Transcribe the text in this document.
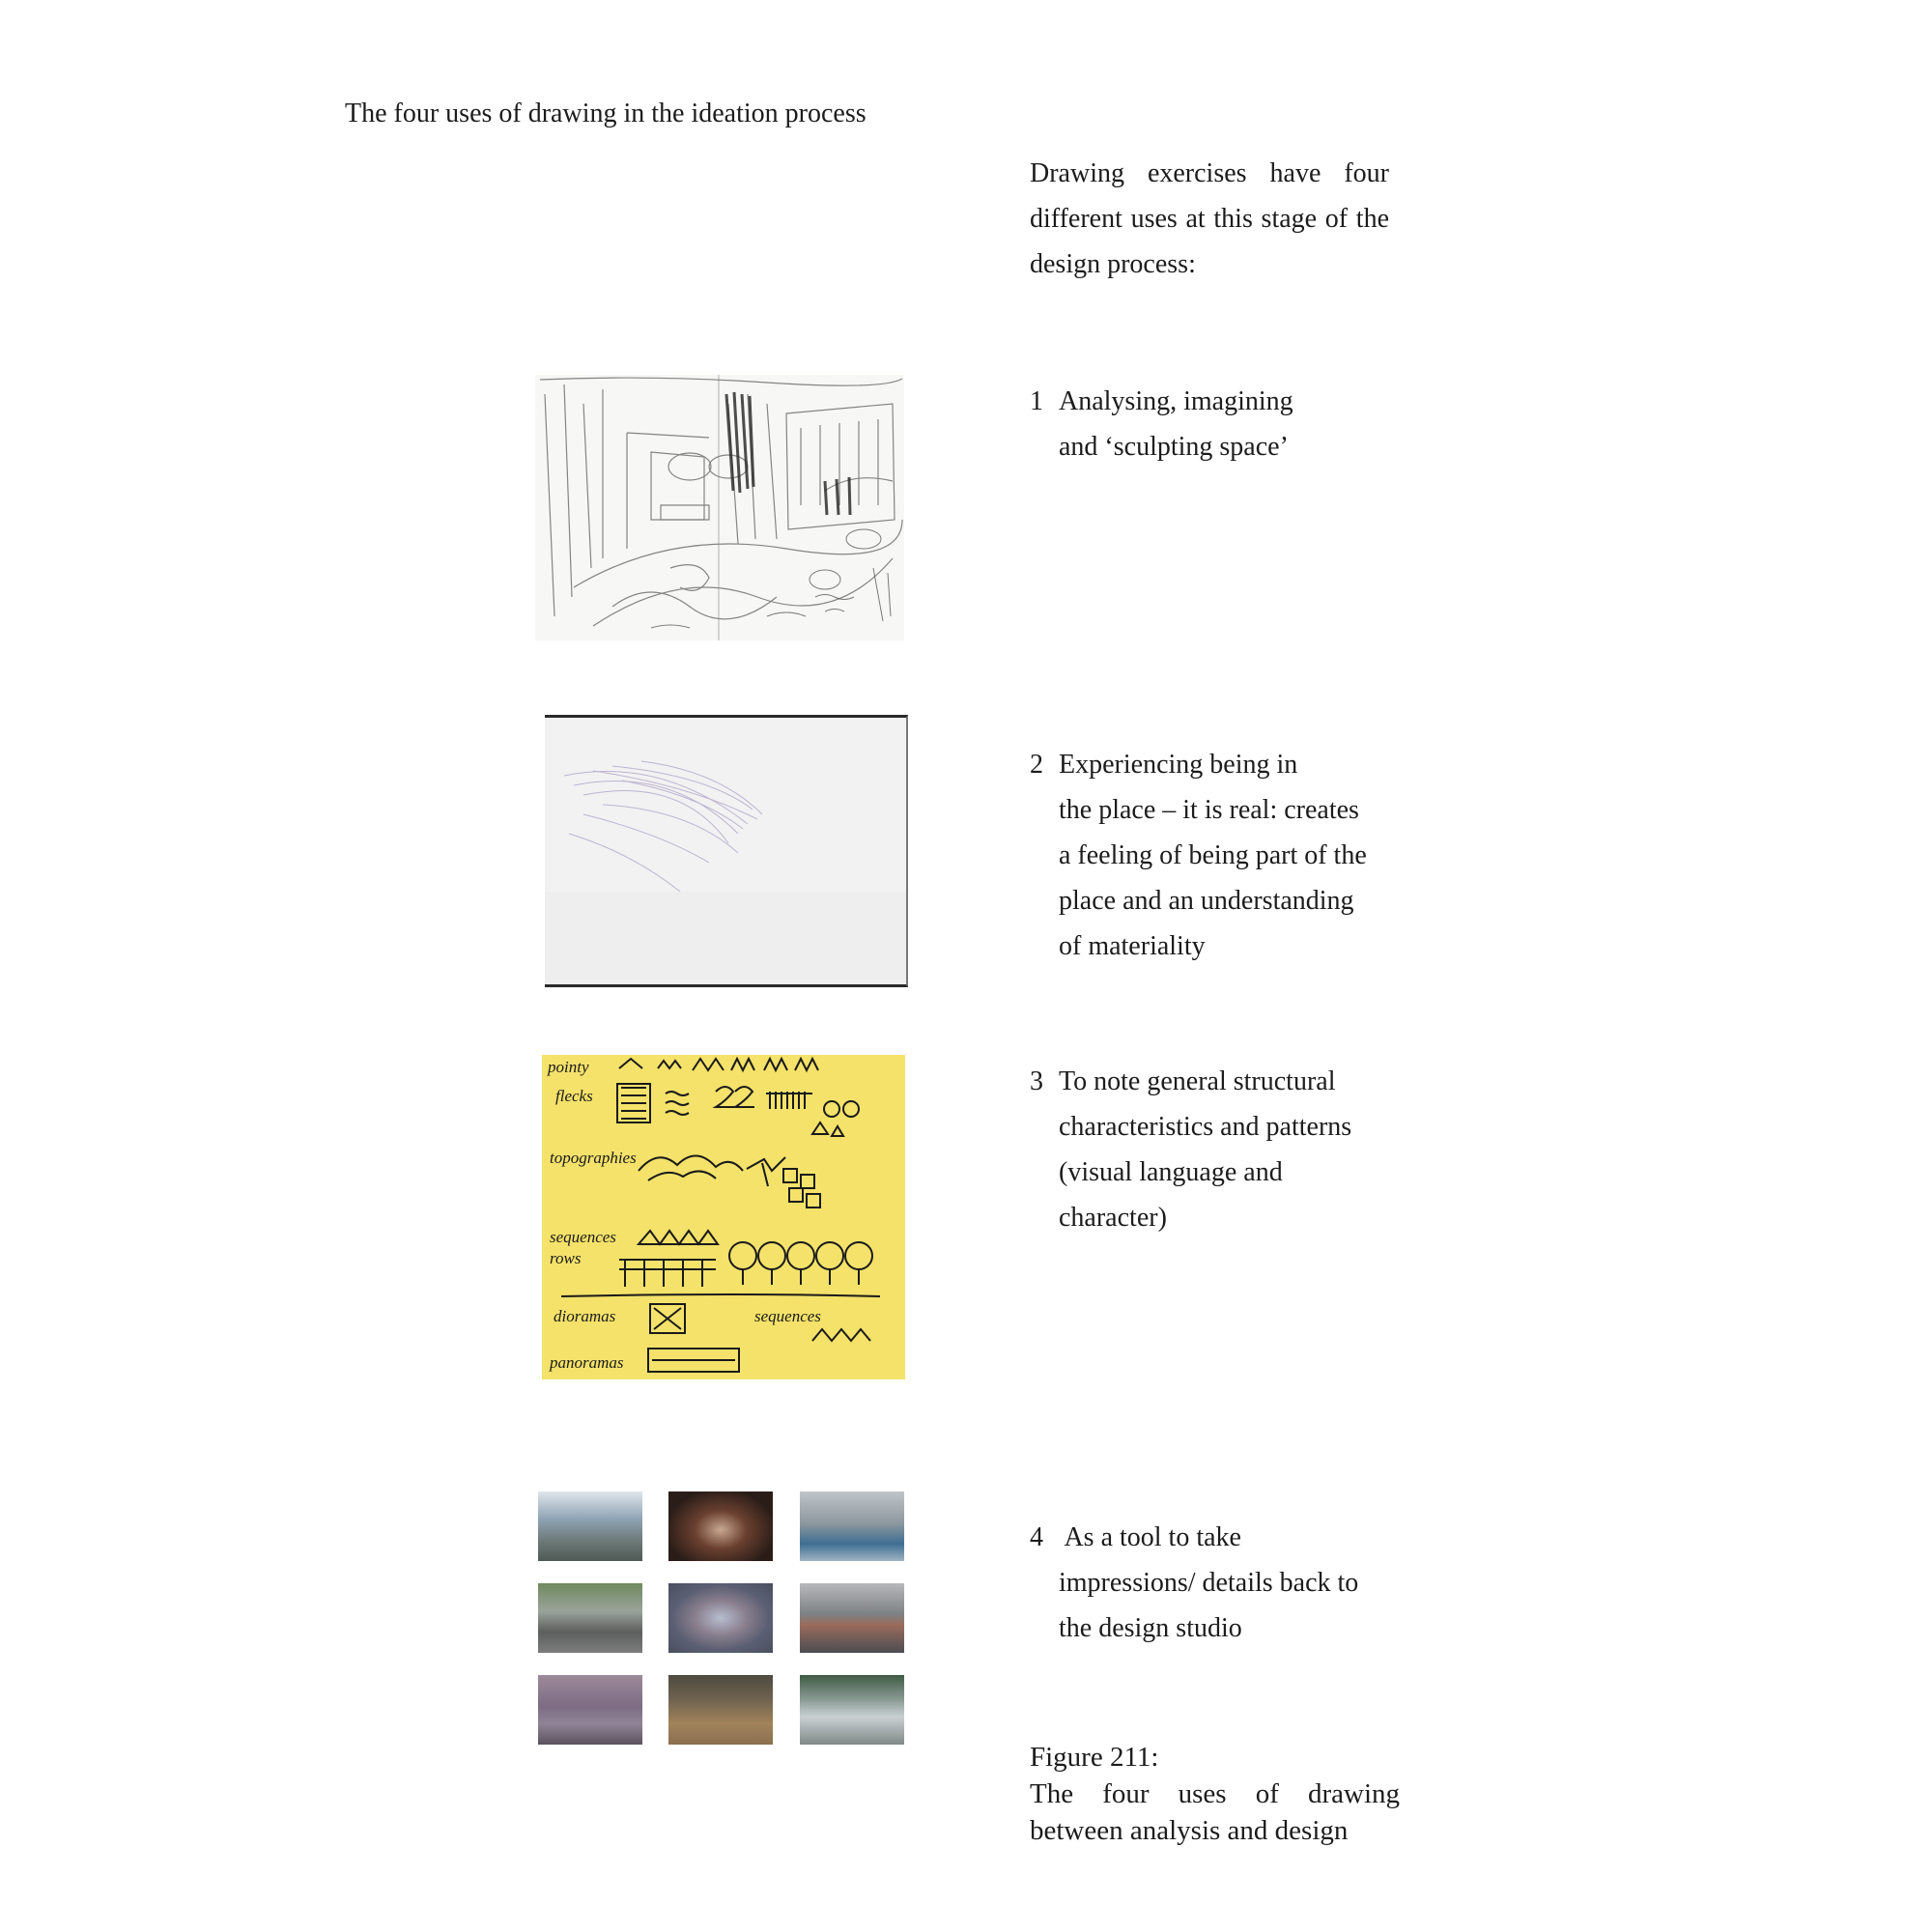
The four uses of drawing in the ideation process
Drawing exercises have four different uses at this stage of the design process:
1 Analysing, imagining
and ‘sculpting space’
2 Experiencing being in
the place – it is real: creates
a feeling of being part of the
place and an understanding
of materiality
3 To note general structural
characteristics and patterns
(visual language and
character)
4 As a tool to take
impressions/ details back to
the design studio
Figure 211:
The four uses of drawing between analysis and design
pointy
flecks
topographies
sequences
rows
dioramas	sequences
panoramas
